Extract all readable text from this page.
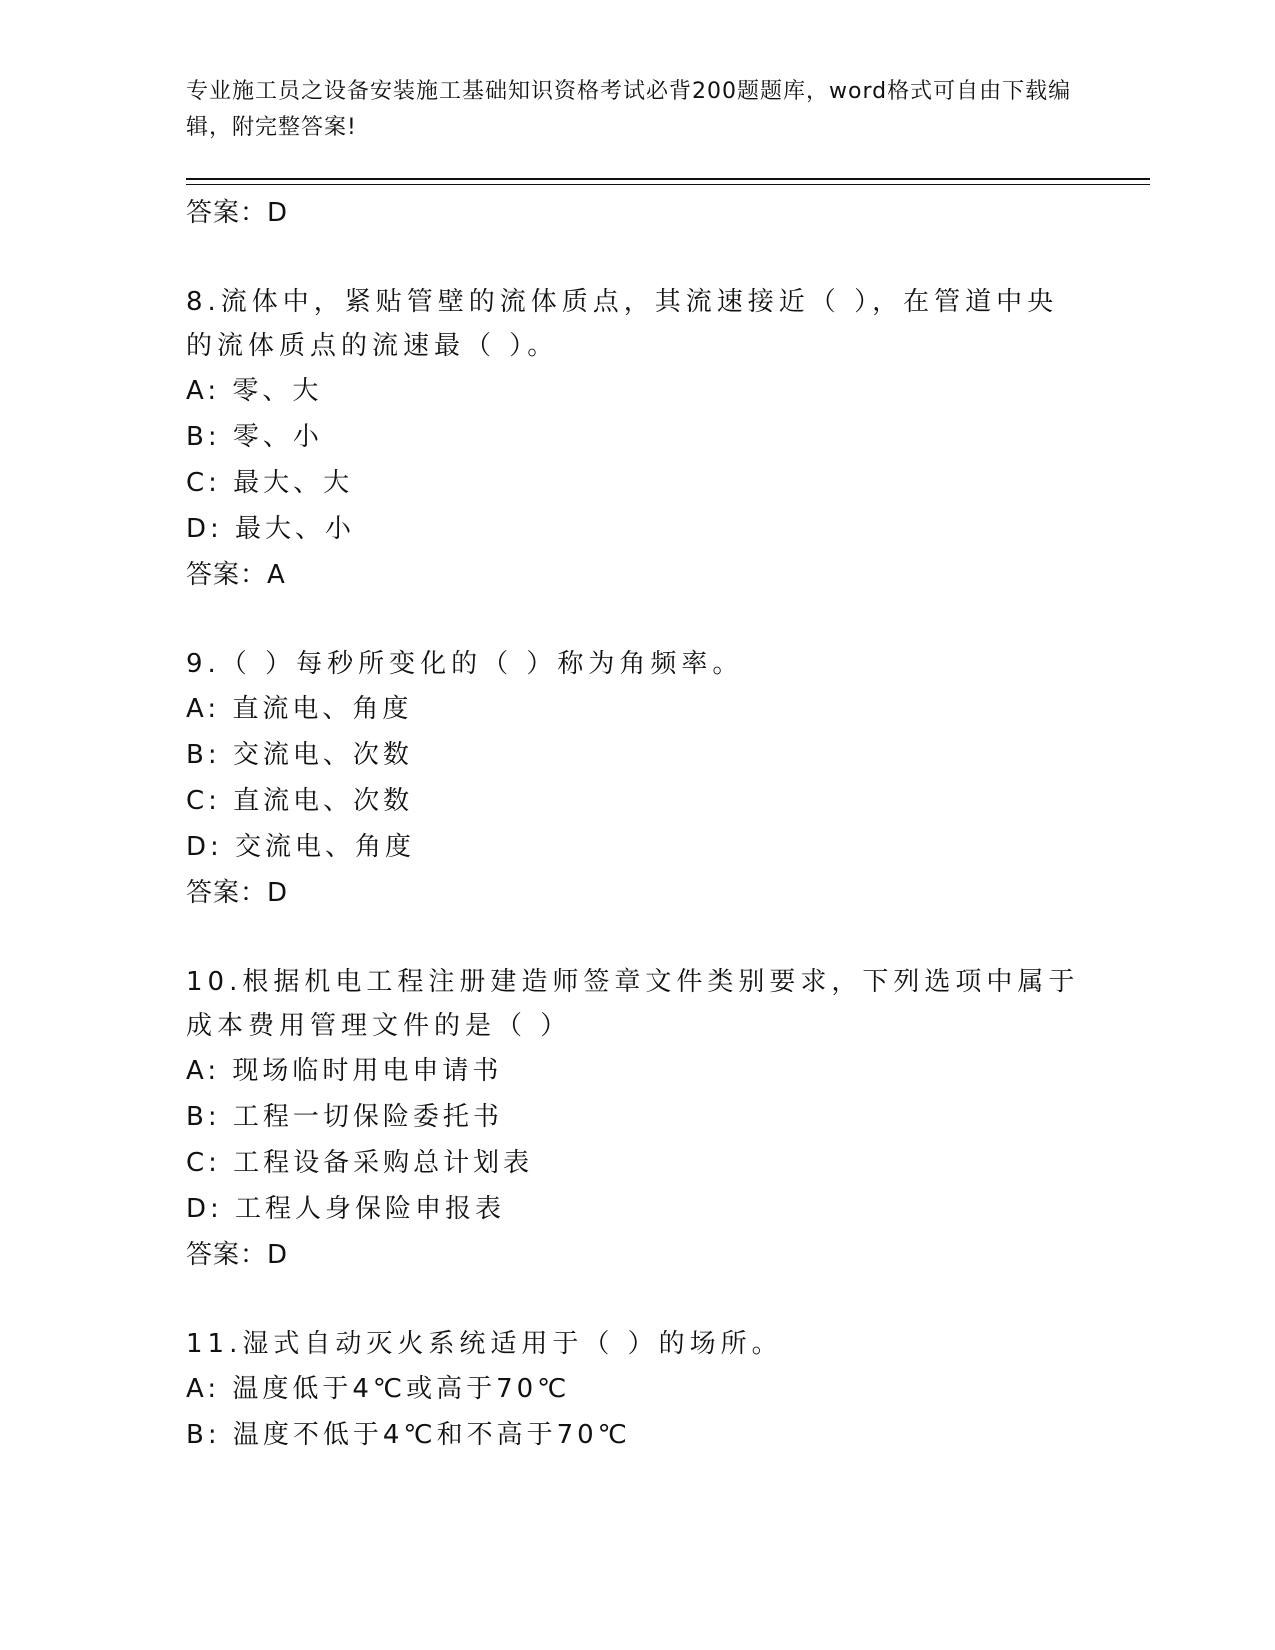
专业施工员之设备安装施工基础知识资格考试必背200题题库，word格式可自由下载编辑，附完整答案!
答案：D
8.流体中，紧贴管壁的流体质点，其流速接近（ ），在管道中央的流体质点的流速最（ ）。
A: 零、大
B: 零、小
C: 最大、大
D: 最大、小
答案：A
9.（ ）每秒所变化的（ ）称为角频率。
A: 直流电、角度
B: 交流电、次数
C: 直流电、次数
D: 交流电、角度
答案：D
10.根据机电工程注册建造师签章文件类别要求，下列选项中属于成本费用管理文件的是（ ）
A: 现场临时用电申请书
B: 工程一切保险委托书
C: 工程设备采购总计划表
D: 工程人身保险申报表
答案：D
11.湿式自动灭火系统适用于（ ）的场所。
A: 温度低于4℃或高于70℃
B: 温度不低于4℃和不高于70℃
